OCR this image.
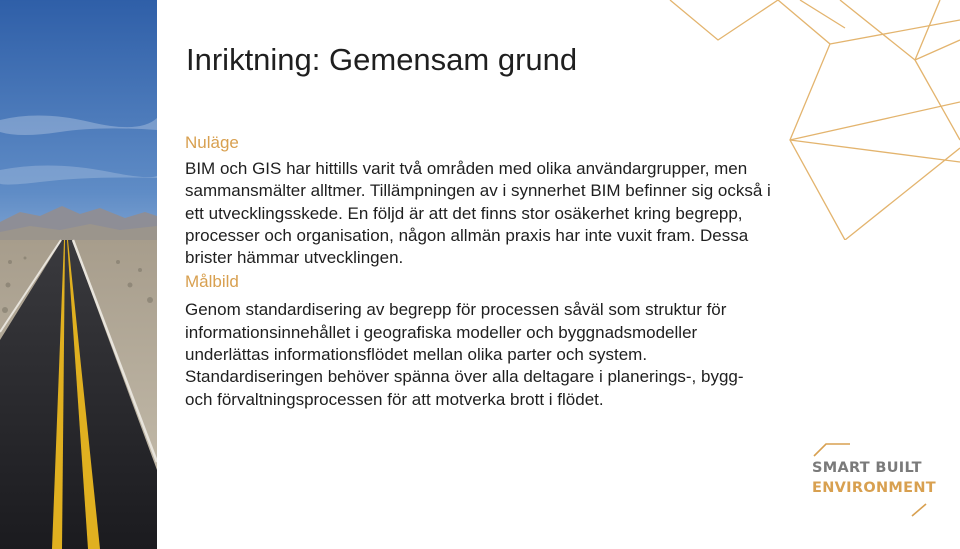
Inriktning: Gemensam grund

Nuläge

BIM och GIS har hittills varit två områden med olika användargrupper, men sammansmälter alltmer. Tillämpningen av i synnerhet BIM befinner sig också i ett utvecklingsskede. En följd är att det finns stor osäkerhet kring begrepp, processer och organisation, någon allmän praxis har inte vuxit fram. Dessa brister hämmar utvecklingen.

Målbild

Genom standardisering av begrepp för processen såväl som struktur för informationsinnehållet i geografiska modeller och byggnadsmodeller underlättas informationsflödet mellan olika parter och system. Standardiseringen behöver spänna över alla deltagare i planerings-, bygg- och förvaltningsprocessen för att motverka brott i flödet.

SMART BUILT
ENVIRONMENT
